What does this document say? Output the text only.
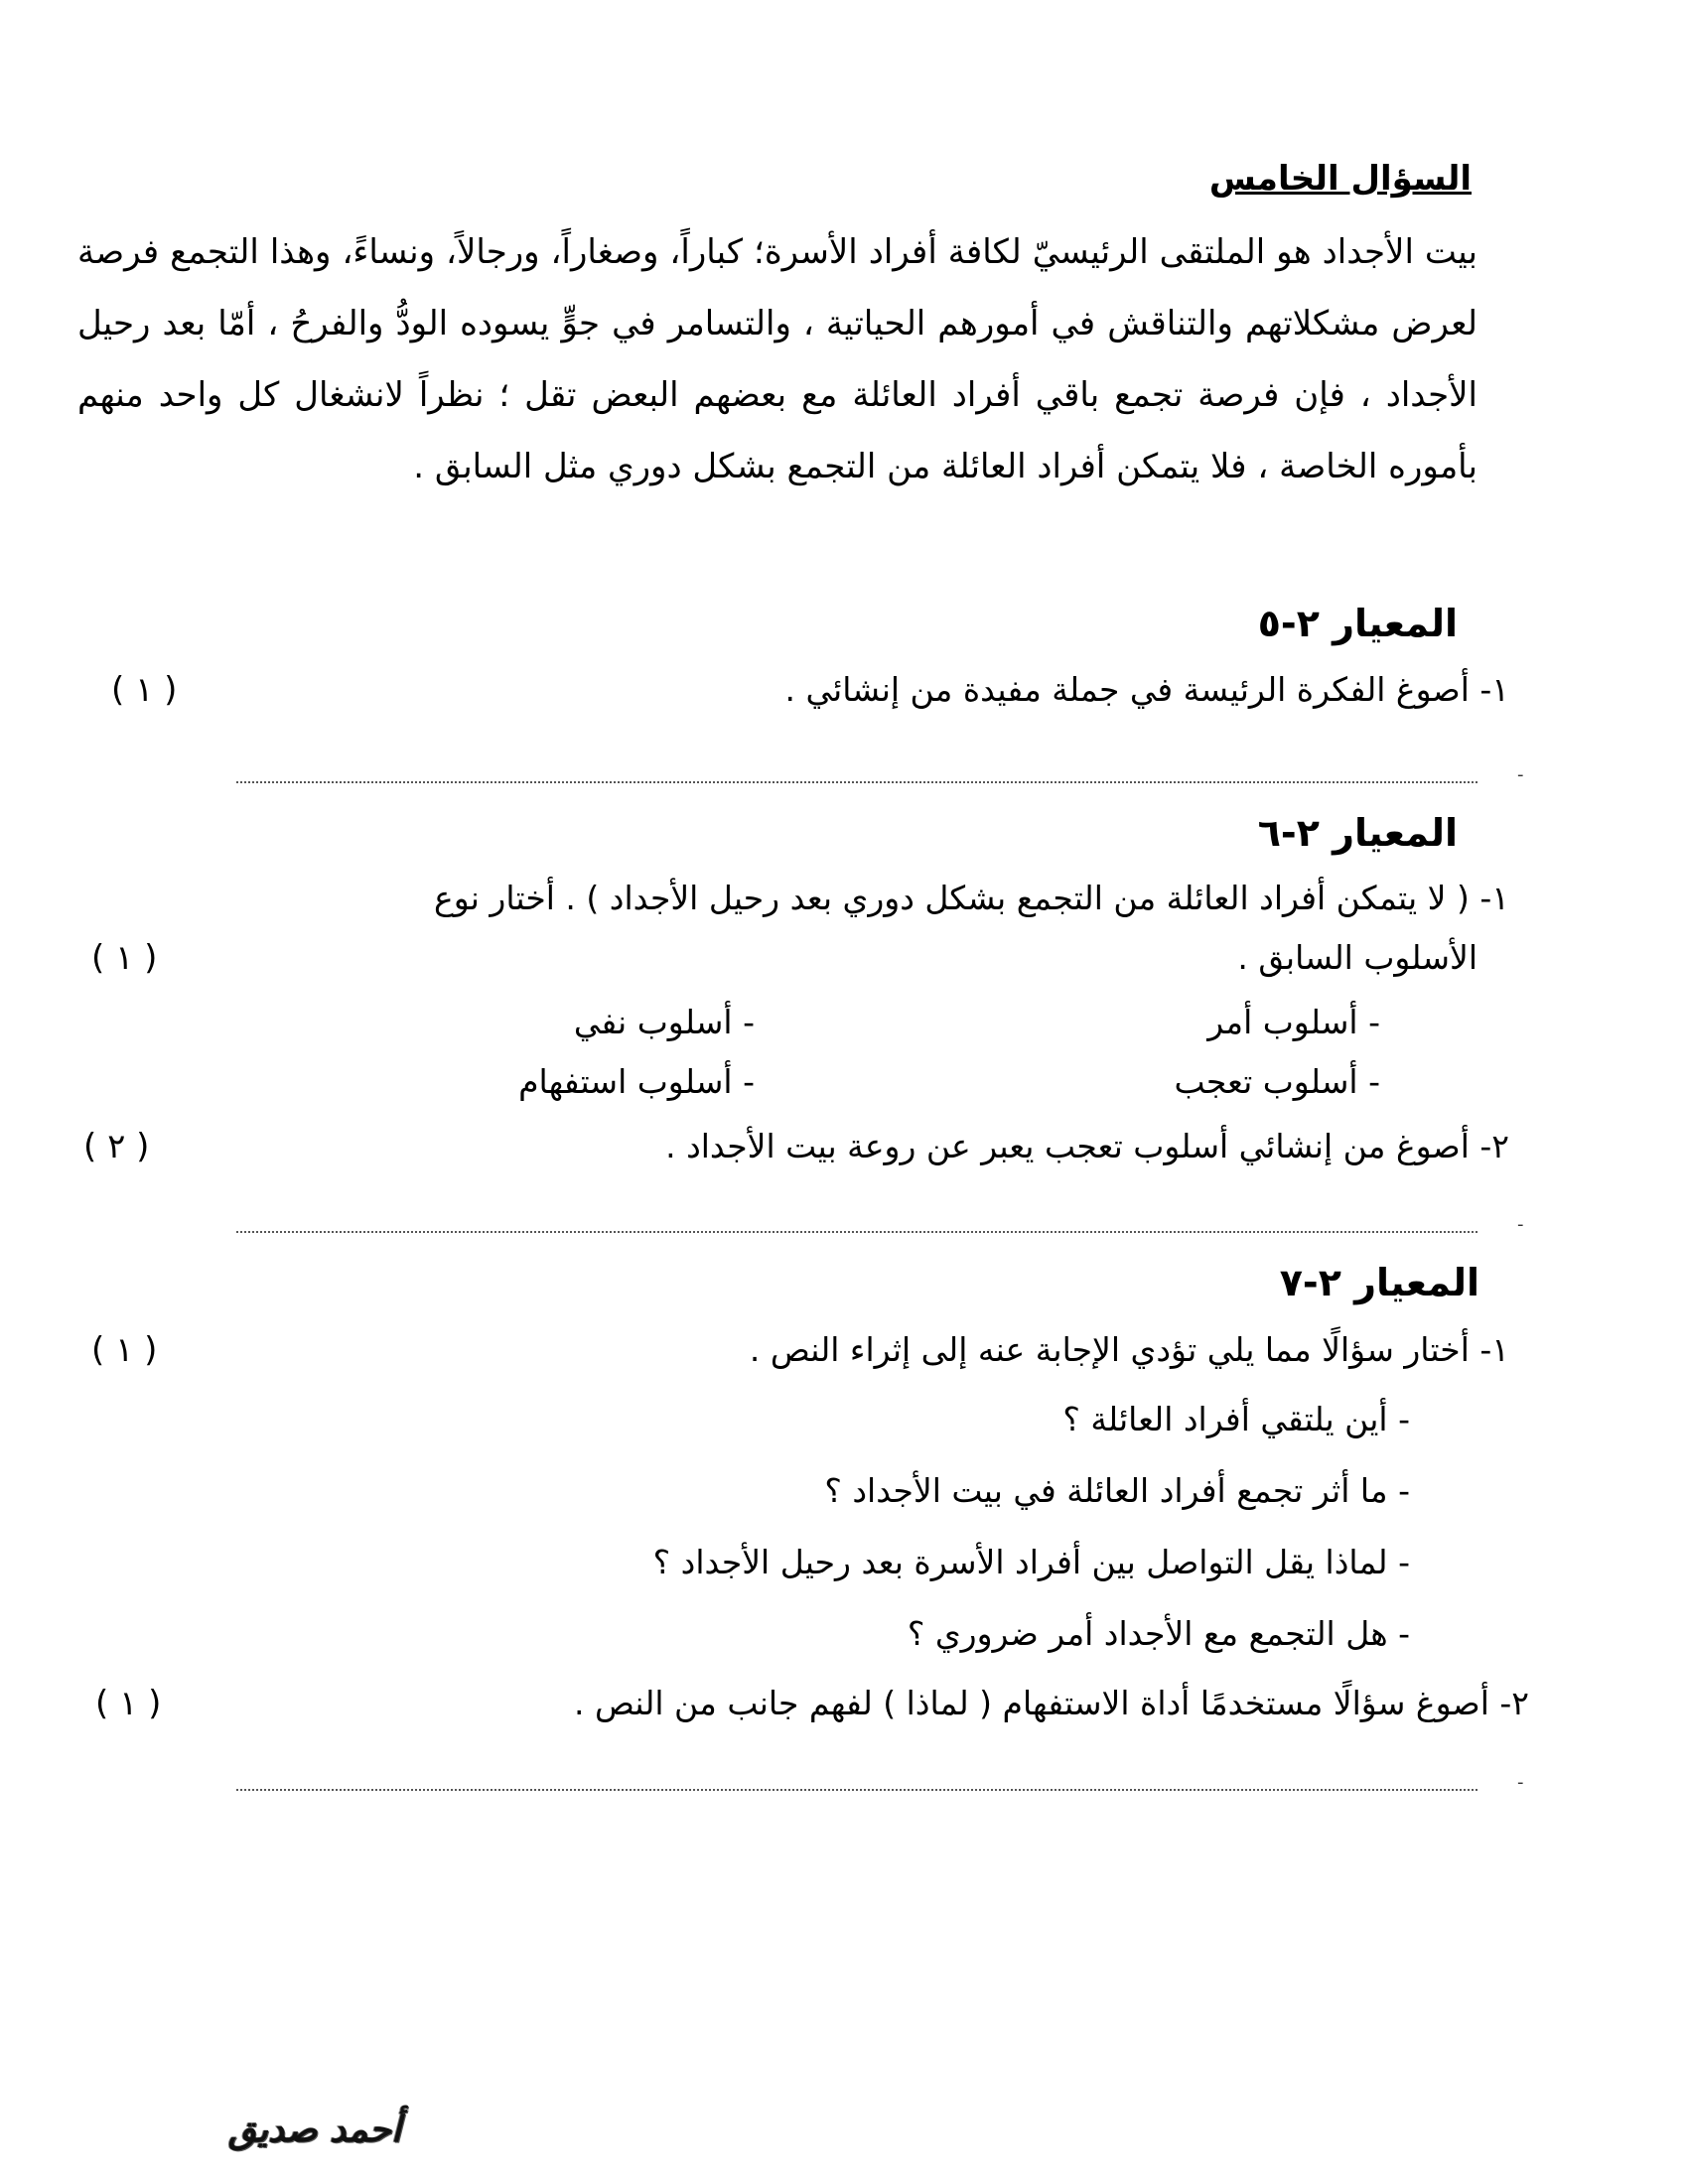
السؤال الخامس
بيت الأجداد هو الملتقى الرئيسيّ لكافة أفراد الأسرة؛ كباراً، وصغاراً، ورجالاً، ونساءً، وهذا التجمع فرصة لعرض مشكلاتهم والتناقش في أمورهم الحياتية ، والتسامر في جوٍّ يسوده الودُّ والفرحُ ، أمّا بعد رحيل الأجداد ، فإن فرصة تجمع باقي أفراد العائلة مع بعضهم البعض تقل ؛ نظراً لانشغال كل واحد منهم بأموره الخاصة ، فلا يتمكن أفراد العائلة من التجمع بشكل دوري مثل السابق .
المعيار ٢-٥
١- أصوغ الفكرة الرئيسة في جملة مفيدة من إنشائي .
( ١ )
-
المعيار ٢-٦
١- ( لا يتمكن أفراد العائلة من التجمع بشكل دوري بعد رحيل الأجداد ) . أختار نوع
الأسلوب السابق .
( ١ )
- أسلوب أمر
- أسلوب نفي
- أسلوب تعجب
- أسلوب استفهام
٢- أصوغ من إنشائي أسلوب تعجب يعبر عن روعة بيت الأجداد .
( ٢ )
-
المعيار ٢-٧
١- أختار سؤالًا مما يلي تؤدي الإجابة عنه إلى إثراء النص .
( ١ )
- أين يلتقي أفراد العائلة ؟
- ما أثر تجمع أفراد العائلة في بيت الأجداد ؟
- لماذا يقل التواصل بين أفراد الأسرة بعد رحيل الأجداد ؟
- هل التجمع مع الأجداد أمر ضروري ؟
٢- أصوغ سؤالًا مستخدمًا أداة الاستفهام ( لماذا ) لفهم جانب من النص .
( ١ )
-
أحمد صديق
